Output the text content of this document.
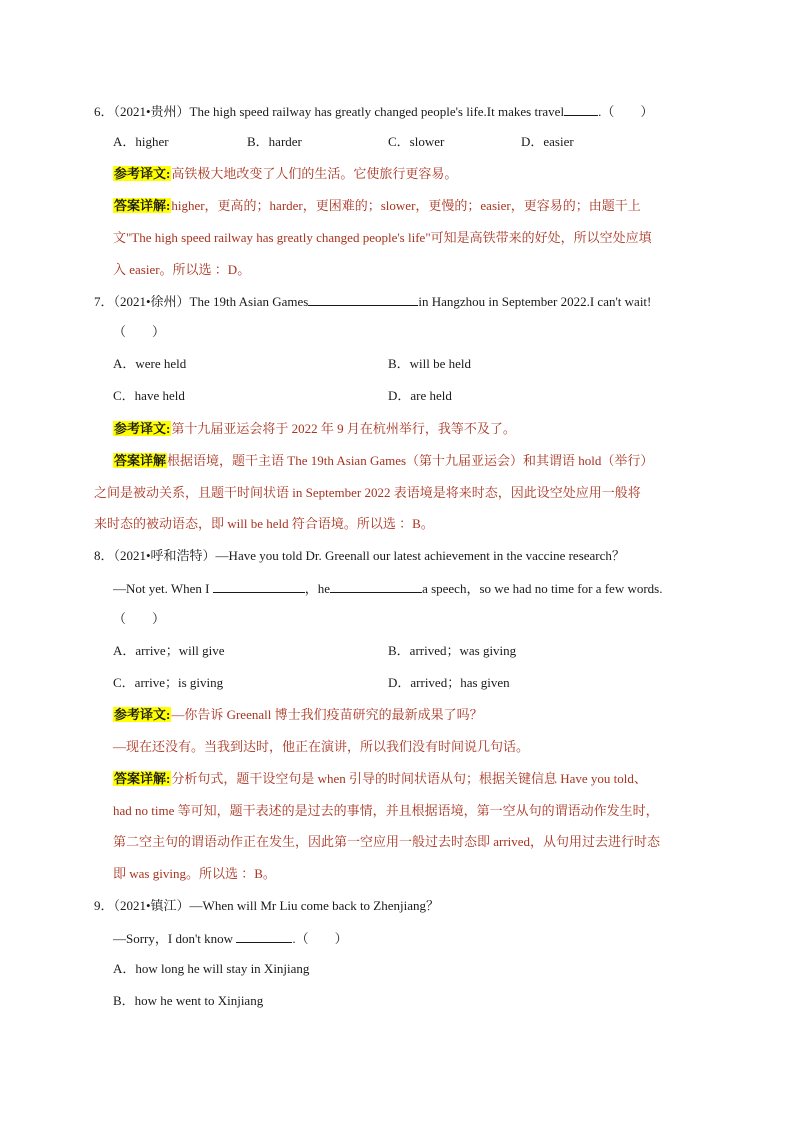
6．（2021•贵州）The high speed railway has greatly changed people's life.It makes travel	.（　　）
A．higher	B．harder	C．slower	D．easier
参考译文:高铁极大地改变了人们的生活。它使旅行更容易。
答案详解:higher，更高的；harder，更困难的；slower，更慢的；easier，更容易的；由题干上
文"The high speed railway has greatly changed people's life"可知是高铁带来的好处，所以空处应填
入 easier。所以选 ：D。
7．（2021•徐州）The 19th Asian Games	in Hangzhou in September 2022.I can't wait!
（　　）
A．were held	B．will be held
C．have held	D．are held
参考译文:第十九届亚运会将于 2022 年 9 月在杭州举行，我等不及了。
答案详解根据语境，题干主语 The 19th Asian Games（第十九届亚运会）和其谓语 hold（举行）
之间是被动关系，且题干时间状语 in September 2022 表语境是将来时态，因此设空处应用一般将
来时态的被动语态，即 will be held 符合语境。所以选 ：B。
8．（2021•呼和浩特）—Have you told Dr. Greenall our latest achievement in the vaccine research？
—Not yet. When I	，he	a speech，so we had no time for a few words.
（　　）
A．arrive；will give	B．arrived；was giving
C．arrive；is giving	D．arrived；has given
参考译文:—你告诉 Greenall 博士我们疫苗研究的最新成果了吗？
—现在还没有。当我到达时，他正在演讲，所以我们没有时间说几句话。
答案详解:分析句式，题干设空句是 when 引导的时间状语从句；根据关键信息 Have you told、
had no time 等可知，题干表述的是过去的事情，并且根据语境，第一空从句的谓语动作发生时，
第二空主句的谓语动作正在发生，因此第一空应用一般过去时态即 arrived，从句用过去进行时态
即 was giving。所以选 ：B。
9．（2021•镇江）—When will Mr Liu come back to Zhenjiang？
—Sorry，I don't know	.（　　）
A．how long he will stay in Xinjiang
B．how he went to Xinjiang
